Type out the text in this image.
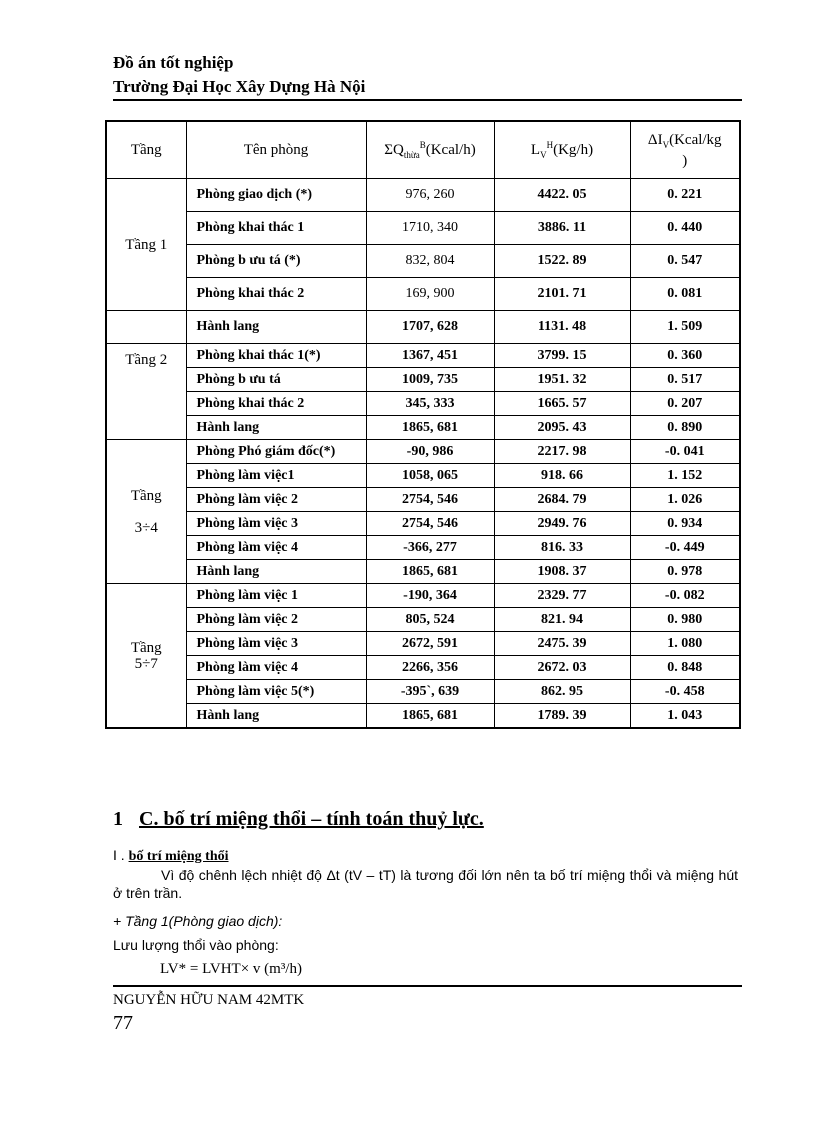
Đồ án tốt nghiệp
Trường Đại Học Xây Dựng Hà Nội
Tầng	Tên phòng	$\Sigma Q_{thừa}^B(Kcal/h)$	$L_V^H(Kg/h)$	$\Delta I_V(Kcal/kg$
)
Tầng 1	Phòng giao dịch (*)	976, 260	4422. 05	0. 221
	Phòng khai thác 1	1710, 340	3886. 11	0. 440
	Phòng b ưu tá (*)	832, 804	1522. 89	0. 547
	Phòng khai thác 2	169, 900	2101. 71	0. 081
	Hành lang	1707, 628	1131. 48	1. 509
Tầng 2	Phòng khai thác 1(*)	1367, 451	3799. 15	0. 360
	Phòng b ưu tá	1009, 735	1951. 32	0. 517
	Phòng khai thác 2	345, 333	1665. 57	0. 207
	Hành lang	1865, 681	2095. 43	0. 890
Tầng

3÷4	Phòng Phó giám đốc(*)	-90, 986	2217. 98	-0. 041
	Phòng làm việc1	1058, 065	918. 66	1. 152
	Phòng làm việc 2	2754, 546	2684. 79	1. 026
	Phòng làm việc 3	2754, 546	2949. 76	0. 934
	Phòng làm việc 4	-366, 277	816. 33	-0. 449
	Hành lang	1865, 681	1908. 37	0. 978
Tầng
5÷7	Phòng làm việc 1	-190, 364	2329. 77	-0. 082
	Phòng làm việc 2	805, 524	821. 94	0. 980
	Phòng làm việc 3	2672, 591	2475. 39	1. 080
	Phòng làm việc 4	2266, 356	2672. 03	0. 848
	Phòng làm việc 5(*)	-395`, 639	862. 95	-0. 458
	Hành lang	1865, 681	1789. 39	1. 043
1 C. bố trí miệng thổi – tính toán thuỷ lực.
I . bố trí miệng thổi
Vì độ chênh lệch nhiệt độ Δt (tV – tT) là tương đối lớn nên ta bố trí miệng thổi và miệng hút ở trên trần.
+ Tầng 1(Phòng giao dịch):
Lưu lượng thổi vào phòng:
LV* = LVHT× v (m³/h)
NGUYỄN HỮU NAM 42MTK
77
